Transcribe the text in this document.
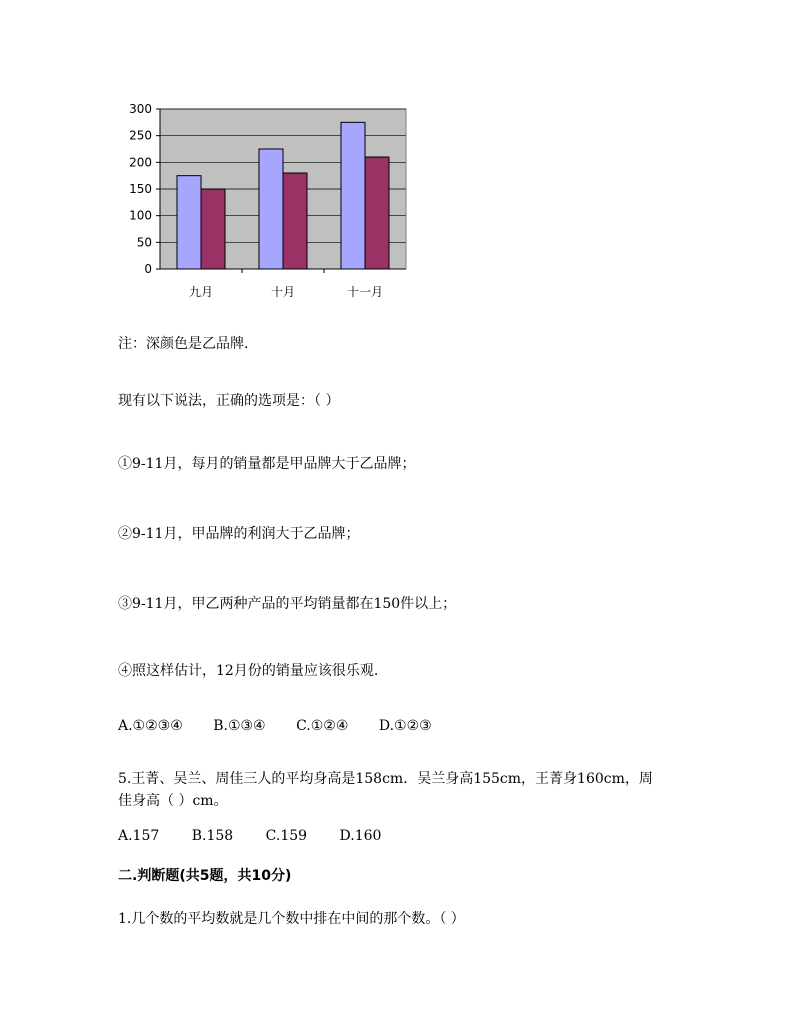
0
50
100
150
200
250
300
九月	十月	十一月
注：深颜色是乙品牌.
现有以下说法，正确的选项是：（ ）
①9-11月，每月的销量都是甲品牌大于乙品牌；
②9-11月，甲品牌的利润大于乙品牌；
③9-11月，甲乙两种产品的平均销量都在150件以上；
④照这样估计，12月份的销量应该很乐观.
A.①②③④ B.①③④ C.①②④ D.①②③
5.王菁、吴兰、周佳三人的平均身高是158cm．吴兰身高155cm，王菁身160cm，周
佳身高（ ）cm。
A.157 B.158 C.159 D.160
二.判断题(共5题，共10分)
1.几个数的平均数就是几个数中排在中间的那个数。（ ）
